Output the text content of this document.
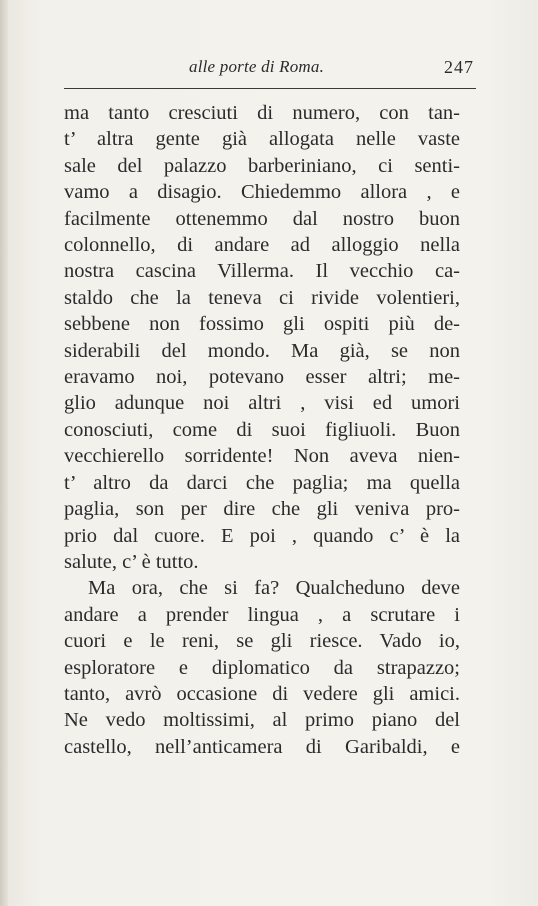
alle porte di Roma.	247
ma tanto cresciuti di numero, con tan-
t’ altra gente già allogata nelle vaste
sale del palazzo barberiniano, ci senti-
vamo a disagio. Chiedemmo allora , e
facilmente ottenemmo dal nostro buon
colonnello, di andare ad alloggio nella
nostra cascina Villerma. Il vecchio ca-
staldo che la teneva ci rivide volentieri,
sebbene non fossimo gli ospiti più de-
siderabili del mondo. Ma già, se non
eravamo noi, potevano esser altri; me-
glio adunque noi altri , visi ed umori
conosciuti, come di suoi figliuoli. Buon
vecchierello sorridente! Non aveva nien-
t’ altro da darci che paglia; ma quella
paglia, son per dire che gli veniva pro-
prio dal cuore. E poi , quando c’ è la
salute, c’ è tutto.
Ma ora, che si fa? Qualcheduno deve
andare a prender lingua , a scrutare i
cuori e le reni, se gli riesce. Vado io,
esploratore e diplomatico da strapazzo;
tanto, avrò occasione di vedere gli amici.
Ne vedo moltissimi, al primo piano del
castello, nell’anticamera di Garibaldi, e
